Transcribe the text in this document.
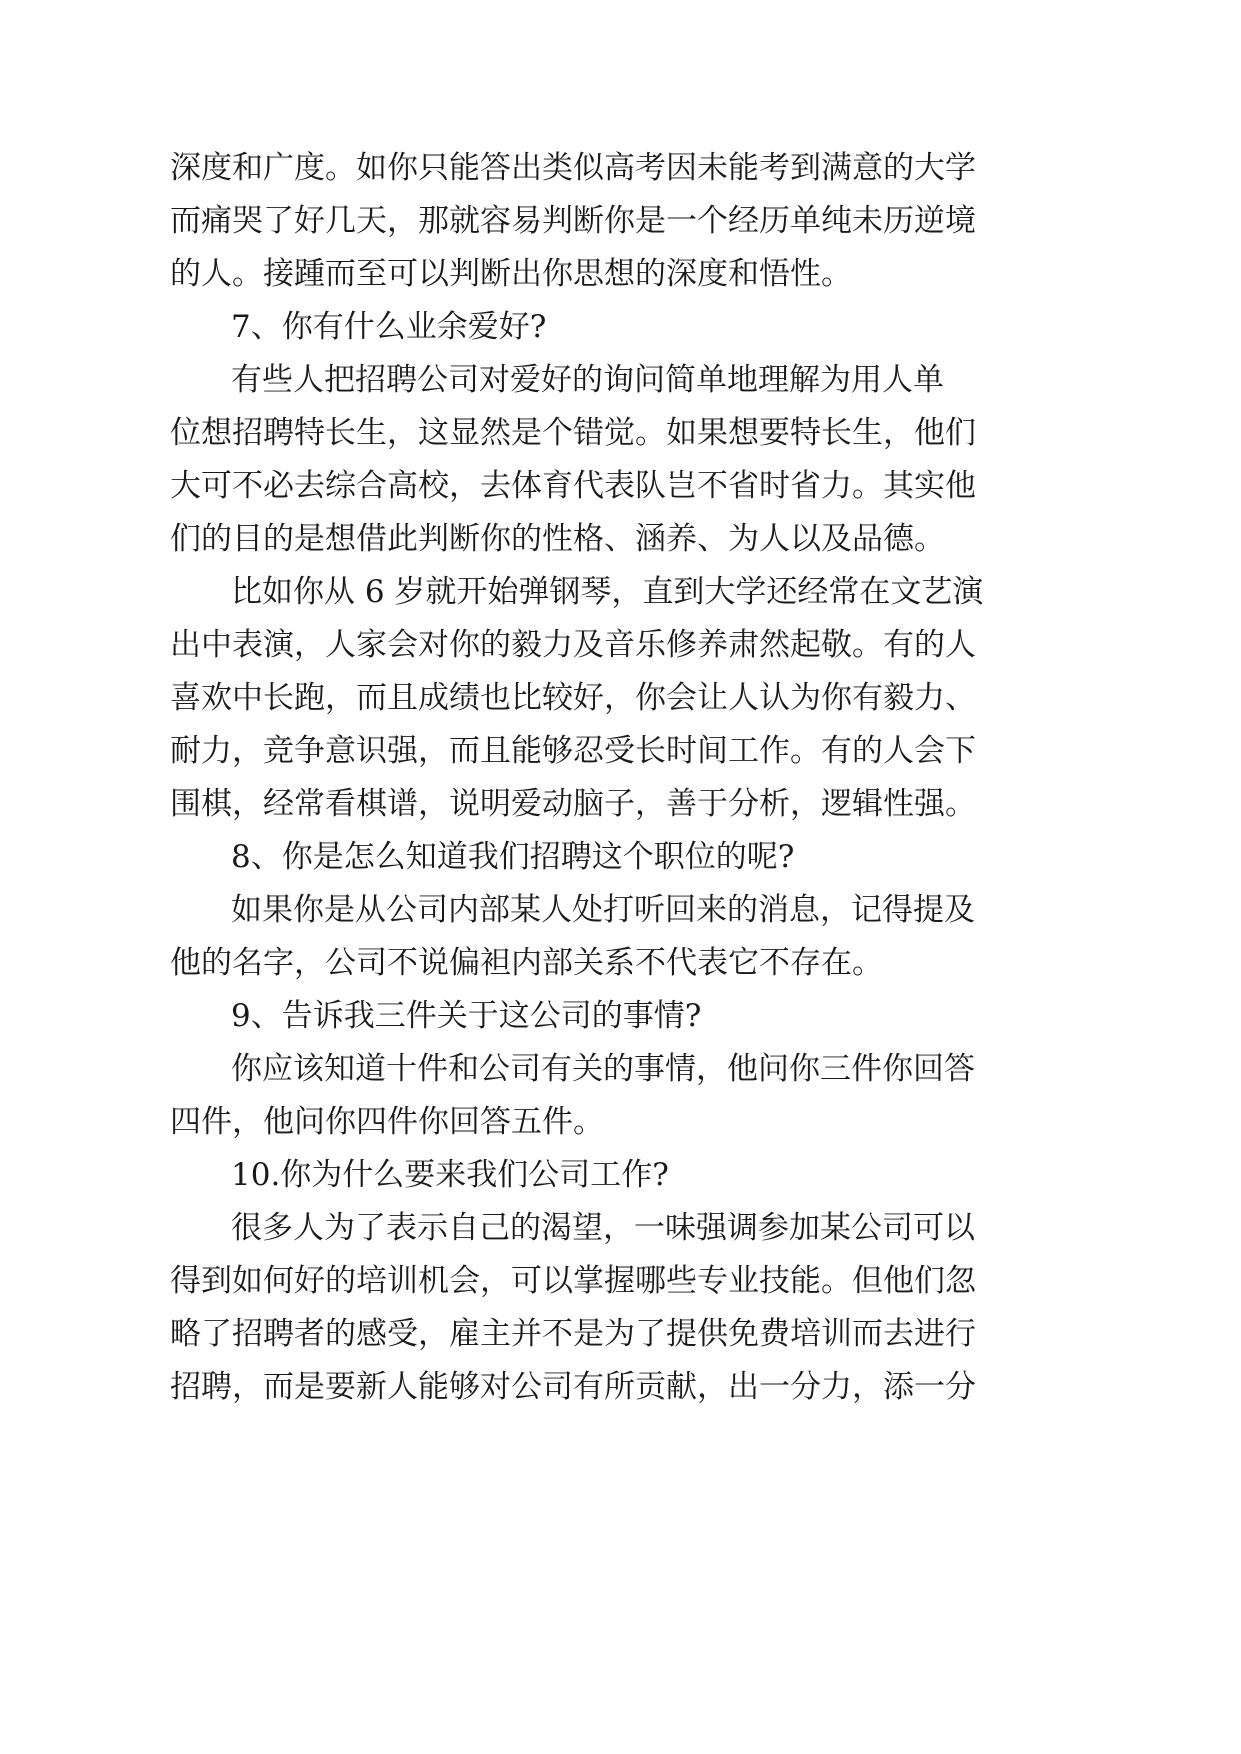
深度和广度。如你只能答出类似高考因未能考到满意的大学
而痛哭了好几天，那就容易判断你是一个经历单纯未历逆境
的人。接踵而至可以判断出你思想的深度和悟性。
7、你有什么业余爱好?
有些人把招聘公司对爱好的询问简单地理解为用人单
位想招聘特长生，这显然是个错觉。如果想要特长生，他们
大可不必去综合高校，去体育代表队岂不省时省力。其实他
们的目的是想借此判断你的性格、涵养、为人以及品德。
比如你从 6 岁就开始弹钢琴，直到大学还经常在文艺演
出中表演，人家会对你的毅力及音乐修养肃然起敬。有的人
喜欢中长跑，而且成绩也比较好，你会让人认为你有毅力、
耐力，竞争意识强，而且能够忍受长时间工作。有的人会下
围棋，经常看棋谱，说明爱动脑子，善于分析，逻辑性强。
8、你是怎么知道我们招聘这个职位的呢?
如果你是从公司内部某人处打听回来的消息，记得提及
他的名字，公司不说偏袒内部关系不代表它不存在。
9、告诉我三件关于这公司的事情?
你应该知道十件和公司有关的事情，他问你三件你回答
四件，他问你四件你回答五件。
10.你为什么要来我们公司工作?
很多人为了表示自己的渴望，一味强调参加某公司可以
得到如何好的培训机会，可以掌握哪些专业技能。但他们忽
略了招聘者的感受，雇主并不是为了提供免费培训而去进行
招聘，而是要新人能够对公司有所贡献，出一分力，添一分
